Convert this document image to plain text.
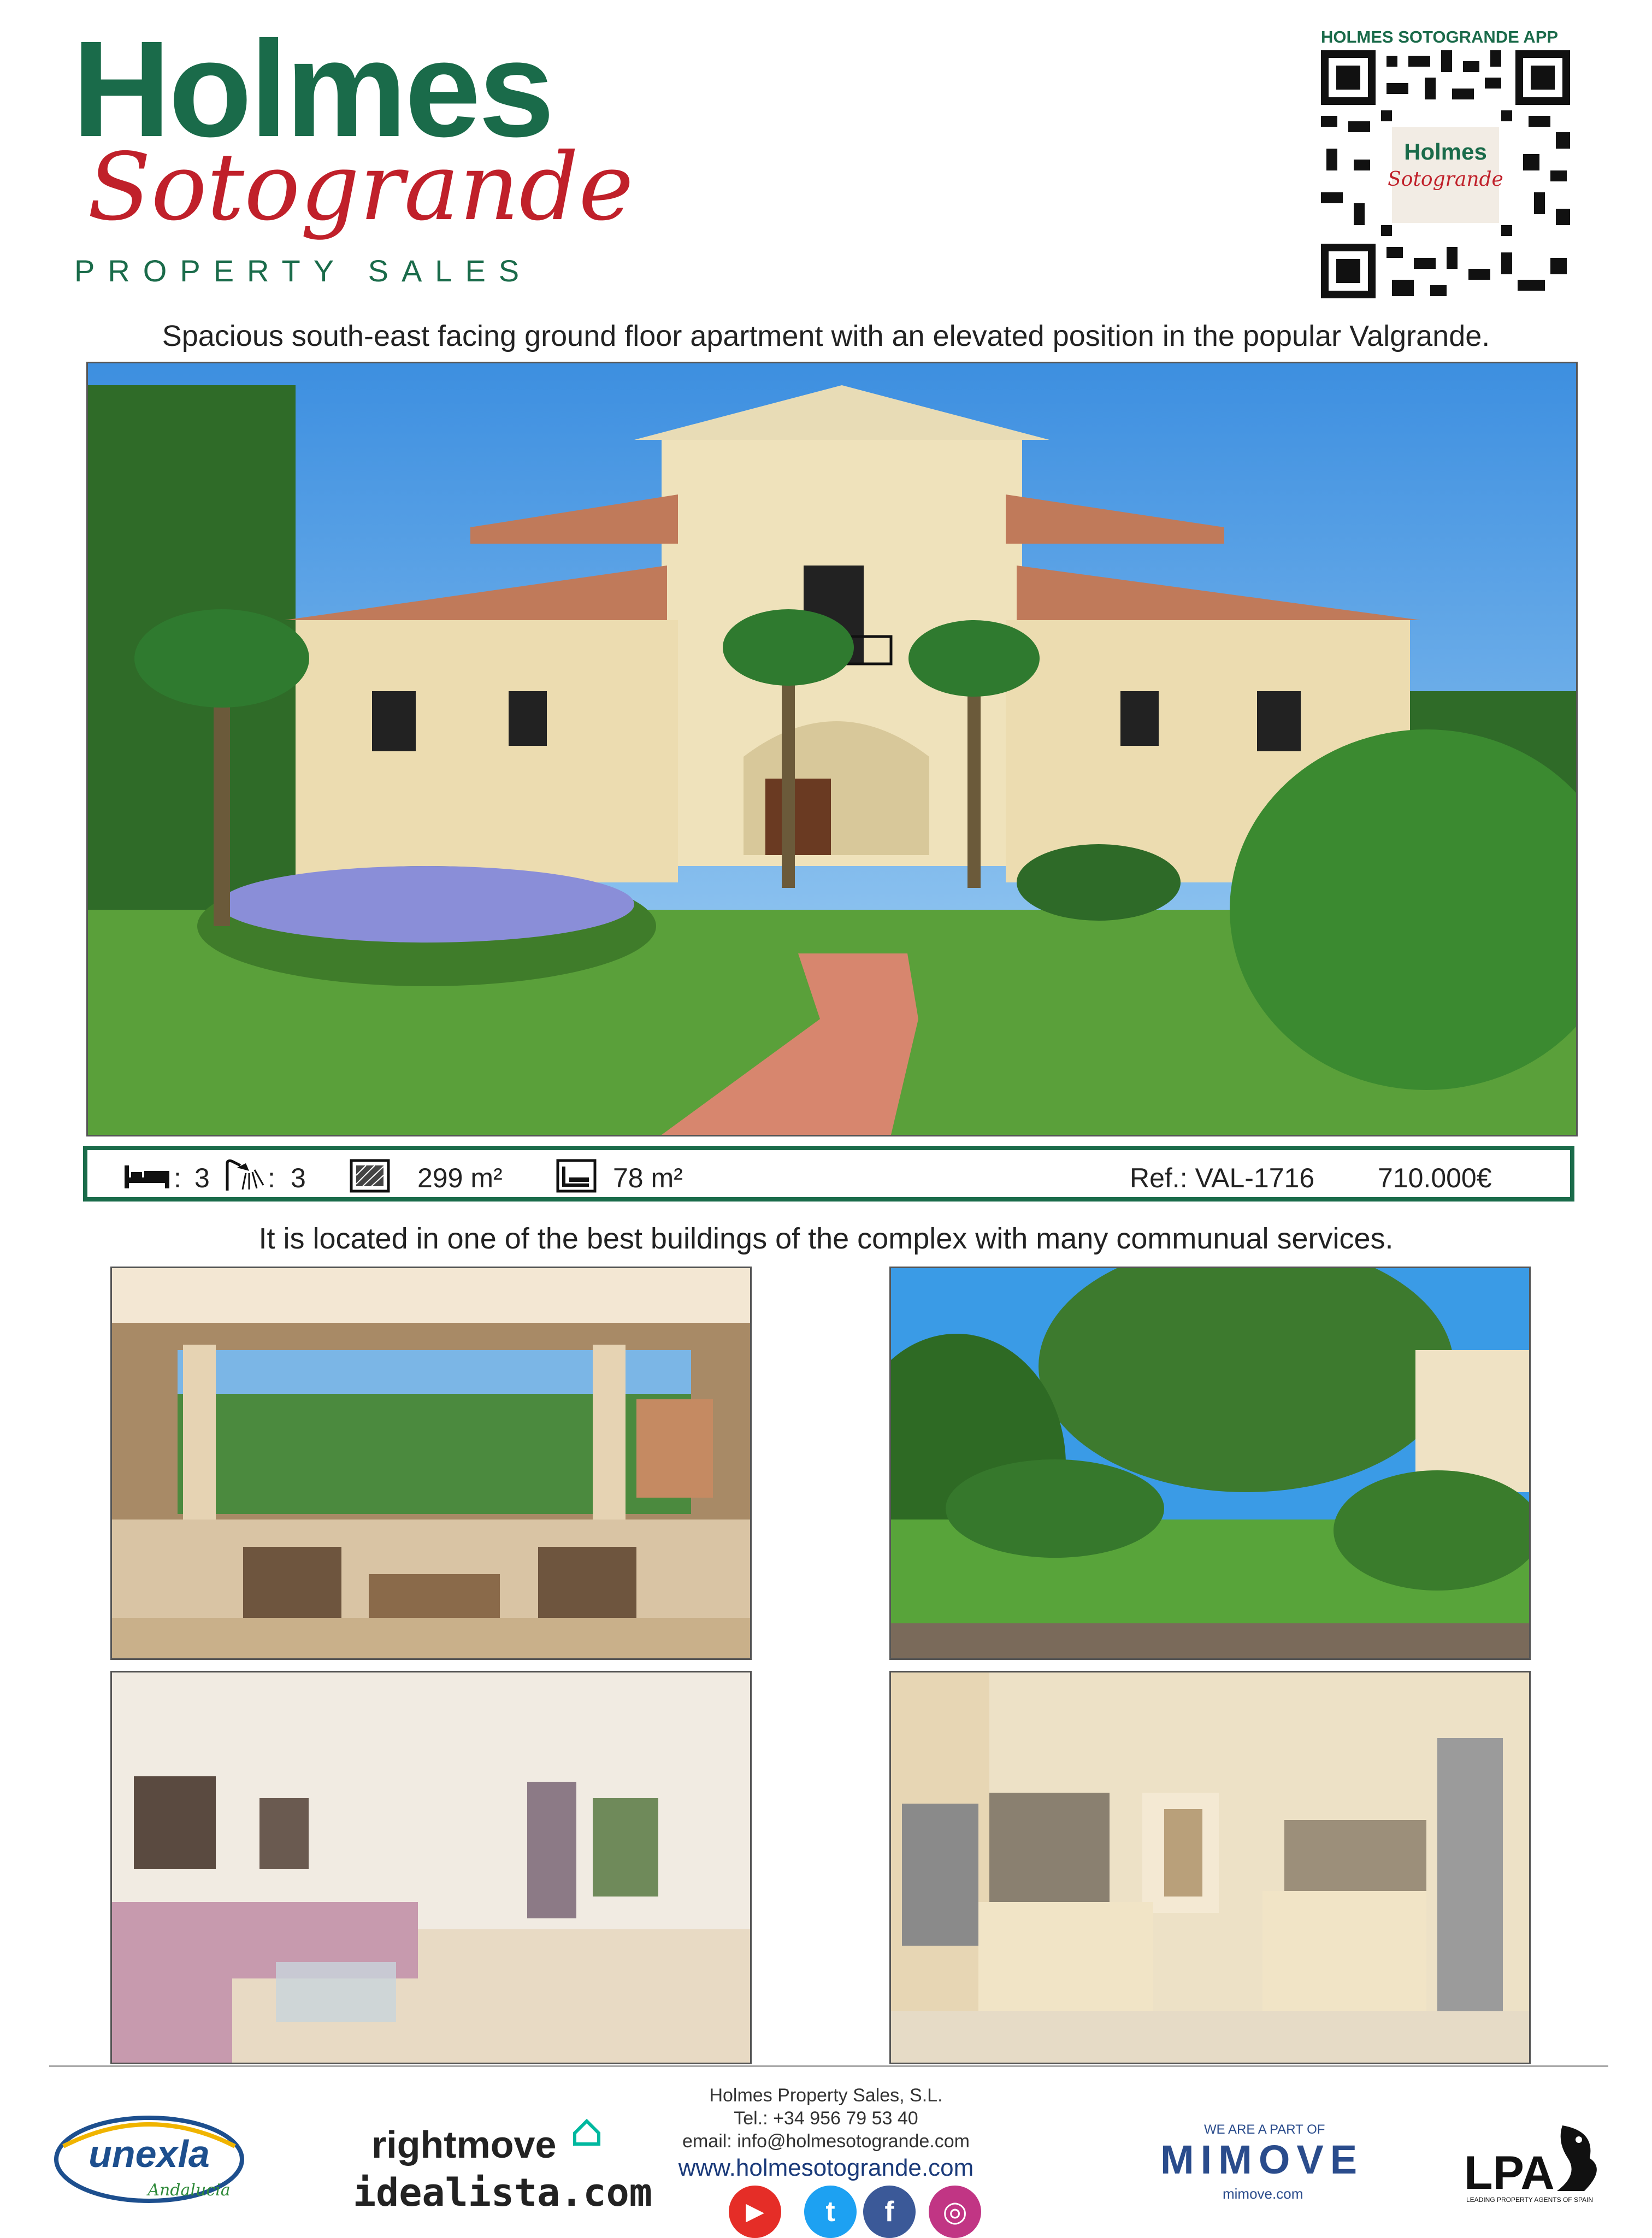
Holmes
Sotogrande
PROPERTY SALES
HOLMES SOTOGRANDE APP
Holmes
Sotogrande
Spacious south-east facing ground floor apartment with an elevated position in the popular Valgrande.
: 3 : 3	299 m²	78 m²	Ref.: VAL-1716 710.000€
It is located in one of the best buildings of the complex with many communual services.
Holmes Property Sales, S.L.
Tel.: +34 956 79 53 40
email: info@holmesotogrande.com
www.holmesotogrande.com
▶	t	f	◎
unexla
Andalucia
rightmove
idealista.com
WE ARE A PART OF
MIMOVE
mimove.com	LPA
LEADING PROPERTY AGENTS OF SPAIN
